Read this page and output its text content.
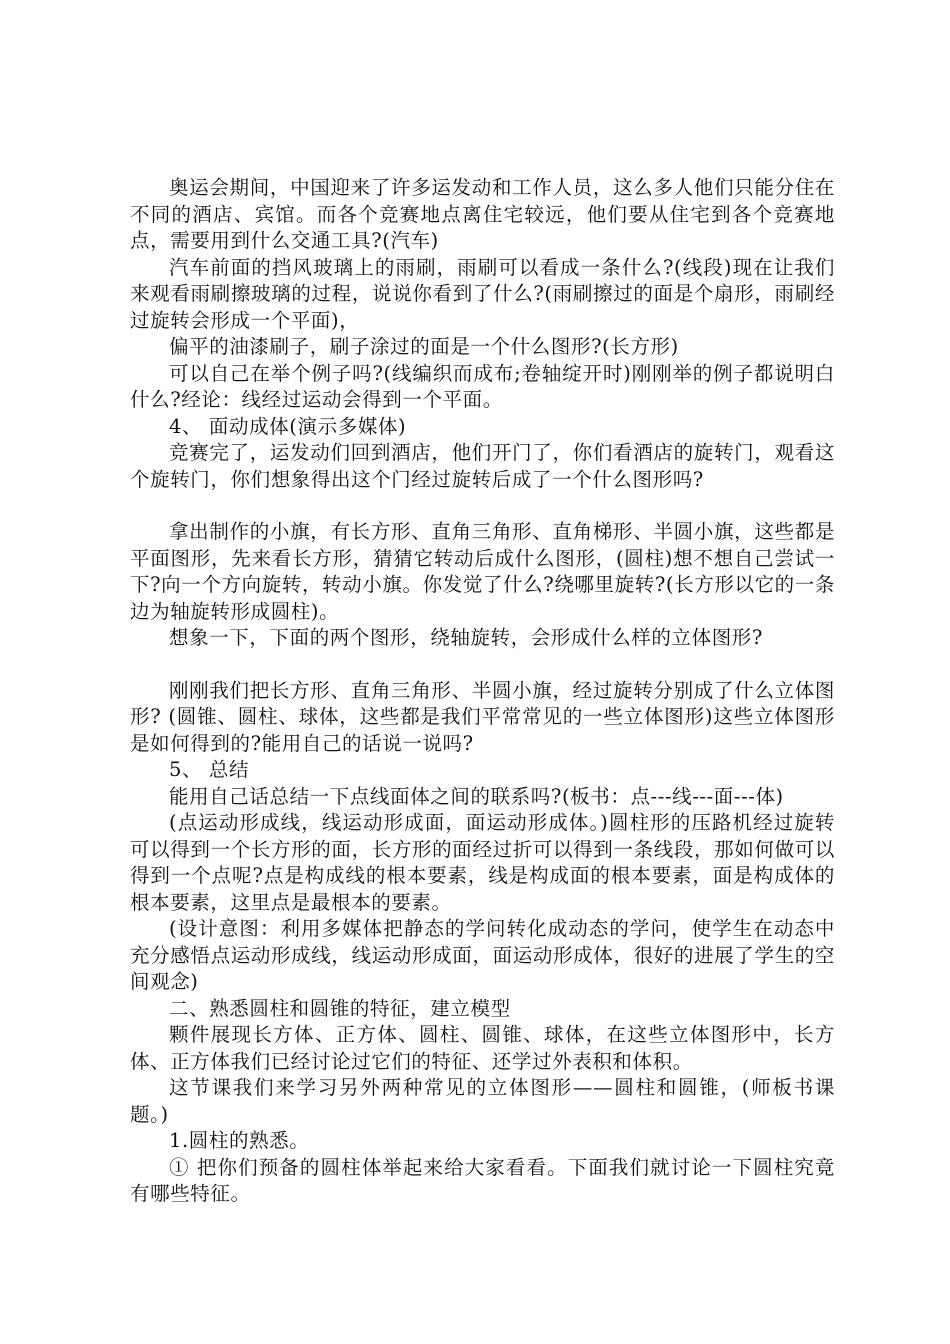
奥运会期间，中国迎来了许多运发动和工作人员，这么多人他们只能分住在不同的酒店、宾馆。而各个竞赛地点离住宅较远，他们要从住宅到各个竞赛地点，需要用到什么交通工具?(汽车)

汽车前面的挡风玻璃上的雨刷，雨刷可以看成一条什么?(线段)现在让我们来观看雨刷擦玻璃的过程，说说你看到了什么?(雨刷擦过的面是个扇形，雨刷经过旋转会形成一个平面)，

偏平的油漆刷子，刷子涂过的面是一个什么图形?(长方形)

可以自己在举个例子吗?(线编织而成布;卷轴绽开时)刚刚举的例子都说明白什么?经论：线经过运动会得到一个平面。

4、 面动成体(演示多媒体)

竞赛完了，运发动们回到酒店，他们开门了，你们看酒店的旋转门，观看这个旋转门，你们想象得出这个门经过旋转后成了一个什么图形吗?

拿出制作的小旗，有长方形、直角三角形、直角梯形、半圆小旗，这些都是平面图形，先来看长方形，猜猜它转动后成什么图形，(圆柱)想不想自己尝试一下?向一个方向旋转，转动小旗。你发觉了什么?绕哪里旋转?(长方形以它的一条边为轴旋转形成圆柱)。

想象一下，下面的两个图形，绕轴旋转，会形成什么样的立体图形?

刚刚我们把长方形、直角三角形、半圆小旗，经过旋转分别成了什么立体图形? (圆锥、圆柱、球体，这些都是我们平常常见的一些立体图形)这些立体图形是如何得到的?能用自己的话说一说吗?

5、 总结

能用自己话总结一下点线面体之间的联系吗?(板书：点---线---面---体)

(点运动形成线，线运动形成面，面运动形成体。)圆柱形的压路机经过旋转可以得到一个长方形的面，长方形的面经过折可以得到一条线段，那如何做可以得到一个点呢?点是构成线的根本要素，线是构成面的根本要素，面是构成体的根本要素，这里点是最根本的要素。

(设计意图：利用多媒体把静态的学问转化成动态的学问，使学生在动态中充分感悟点运动形成线，线运动形成面，面运动形成体，很好的进展了学生的空间观念)

二、熟悉圆柱和圆锥的特征，建立模型

颗件展现长方体、正方体、圆柱、圆锥、球体，在这些立体图形中，长方体、正方体我们已经讨论过它们的特征、还学过外表积和体积。

这节课我们来学习另外两种常见的立体图形——圆柱和圆锥，(师板书课题。)

1.圆柱的熟悉。

① 把你们预备的圆柱体举起来给大家看看。下面我们就讨论一下圆柱究竟有哪些特征。
